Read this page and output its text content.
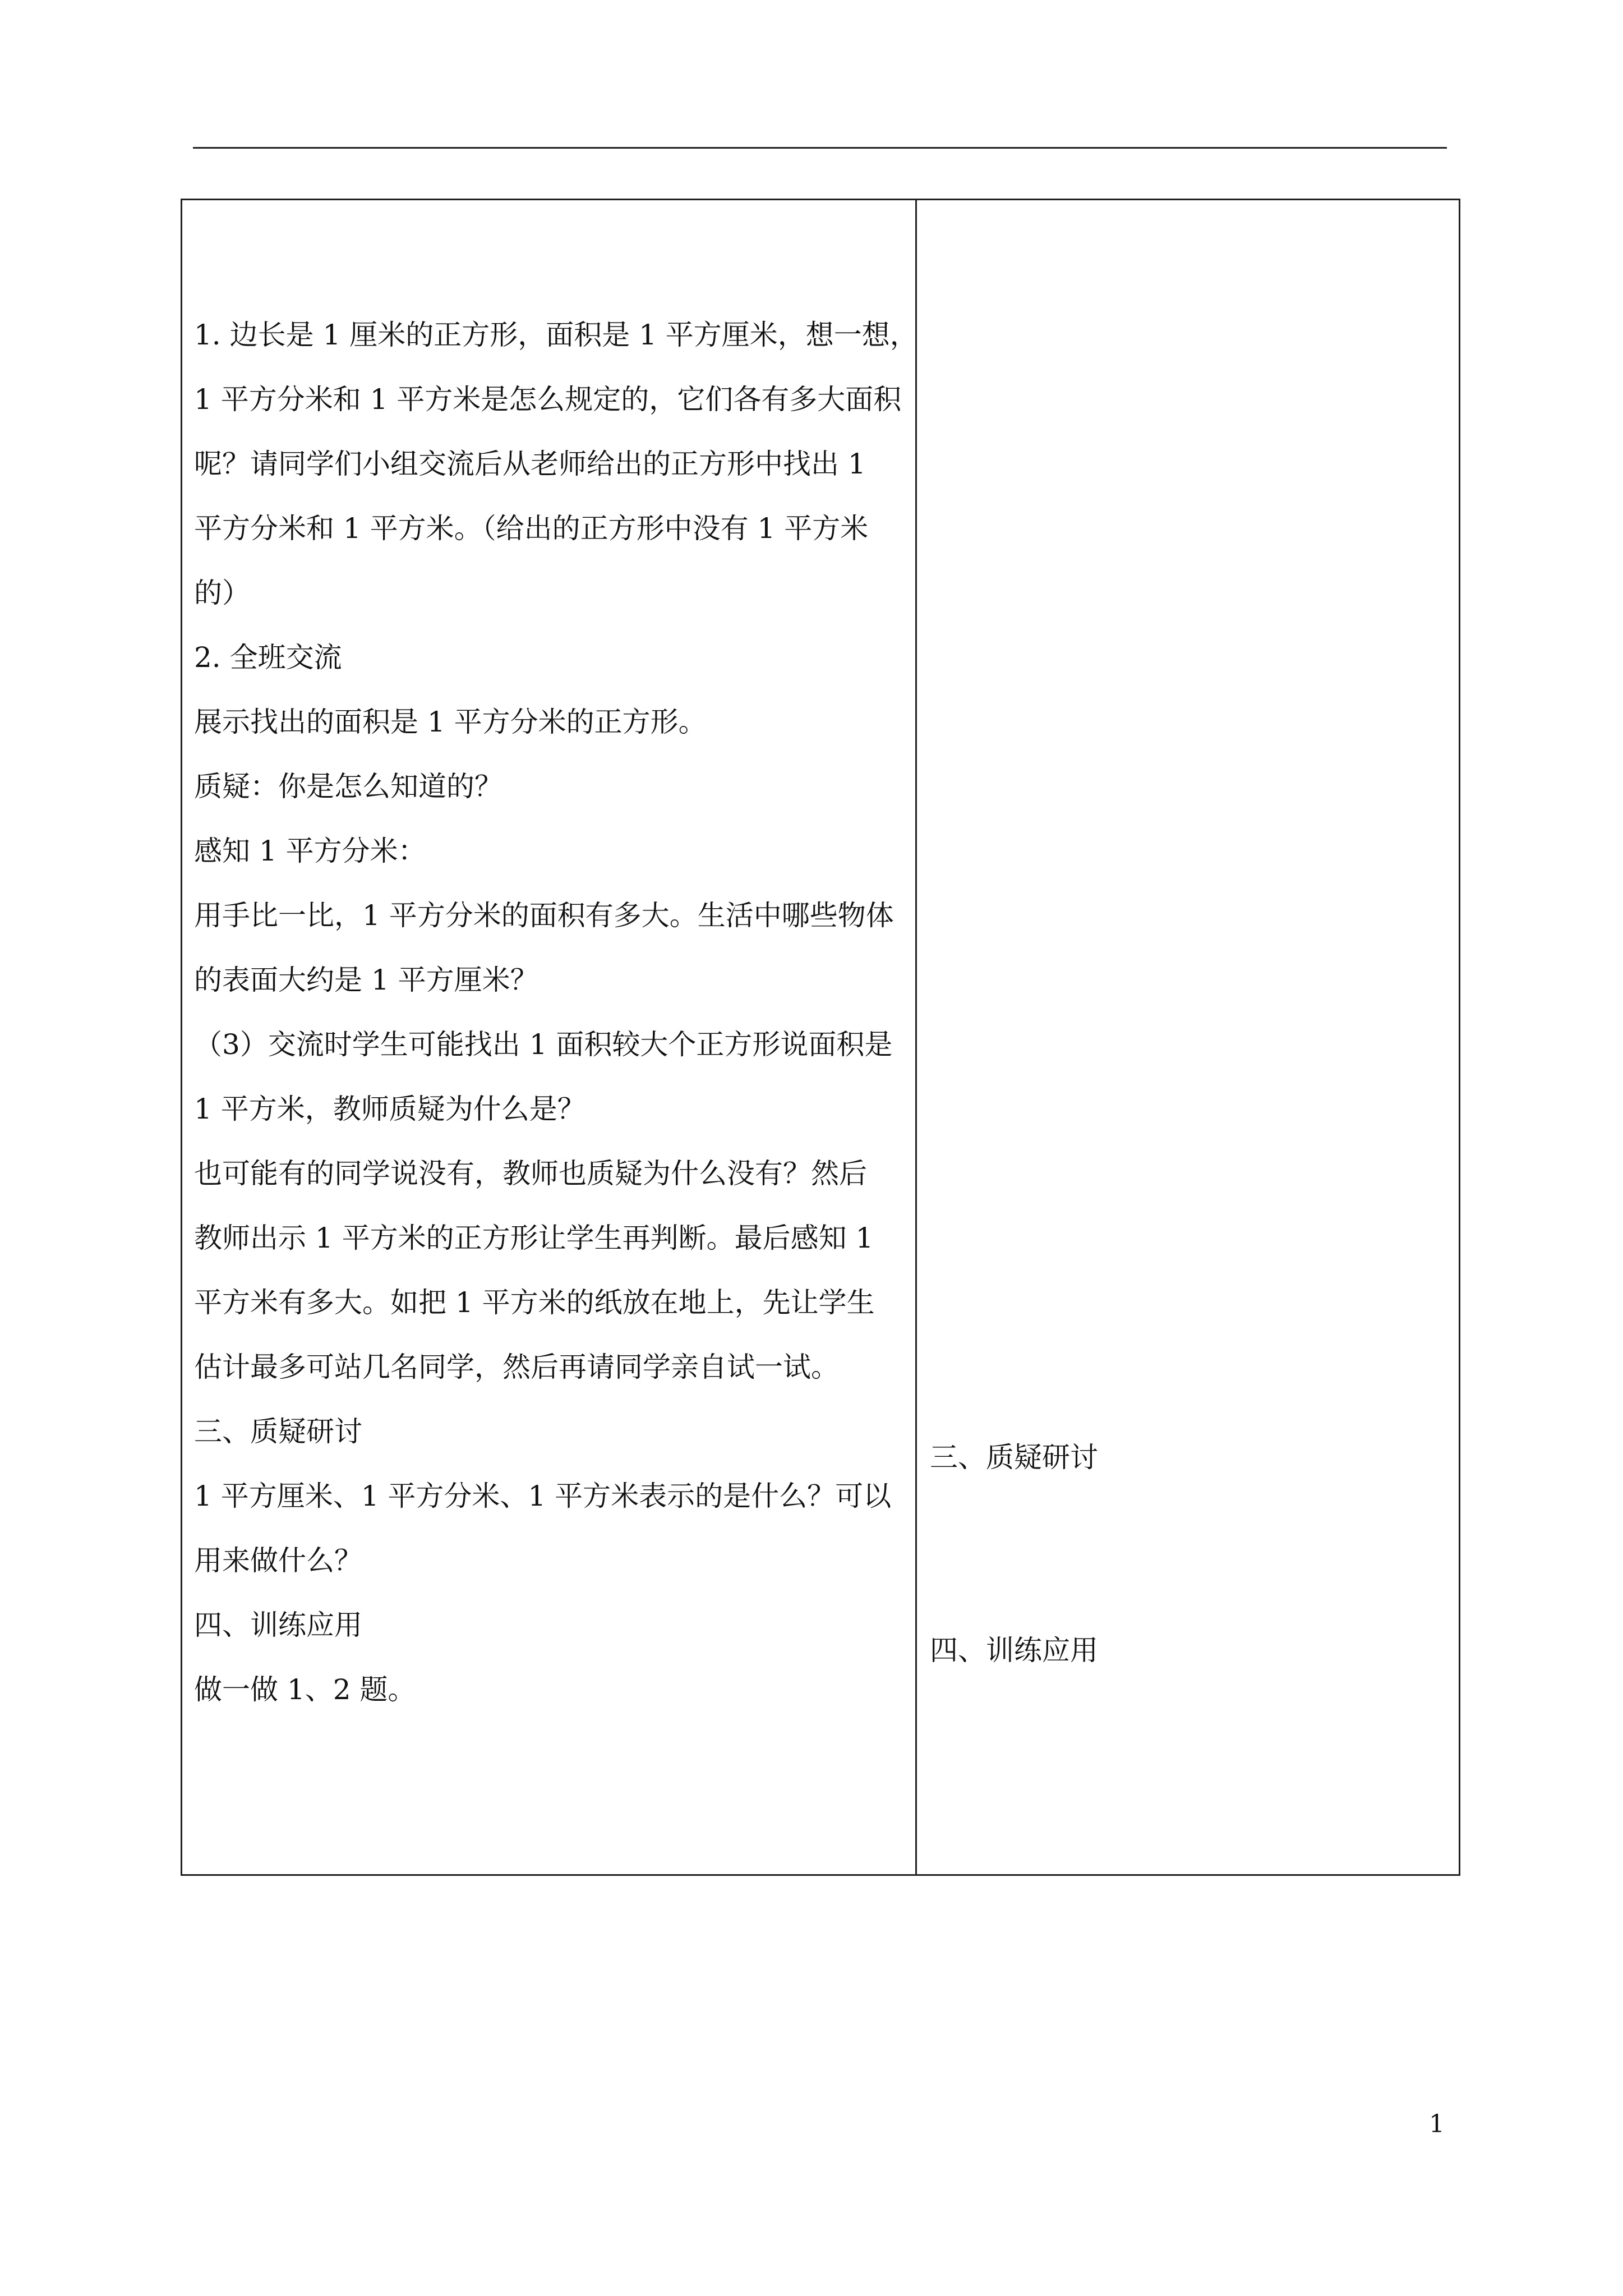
1. 边长是 1 厘米的正方形，面积是 1 平方厘米，想一想，
1 平方分米和 1 平方米是怎么规定的，它们各有多大面积
呢？请同学们小组交流后从老师给出的正方形中找出 1
平方分米和 1 平方米。（给出的正方形中没有 1 平方米
的）
2. 全班交流
展示找出的面积是 1 平方分米的正方形。
质疑：你是怎么知道的？
感知 1 平方分米：
用手比一比，1 平方分米的面积有多大。生活中哪些物体
的表面大约是 1 平方厘米？
（3）交流时学生可能找出 1 面积较大个正方形说面积是
1 平方米，教师质疑为什么是？
也可能有的同学说没有，教师也质疑为什么没有？然后
教师出示 1 平方米的正方形让学生再判断。最后感知 1
平方米有多大。如把 1 平方米的纸放在地上，先让学生
估计最多可站几名同学，然后再请同学亲自试一试。
三、质疑研讨
1 平方厘米、1 平方分米、1 平方米表示的是什么？可以
用来做什么？
四、训练应用
做一做 1、2 题。
三、质疑研讨
四、训练应用
1
